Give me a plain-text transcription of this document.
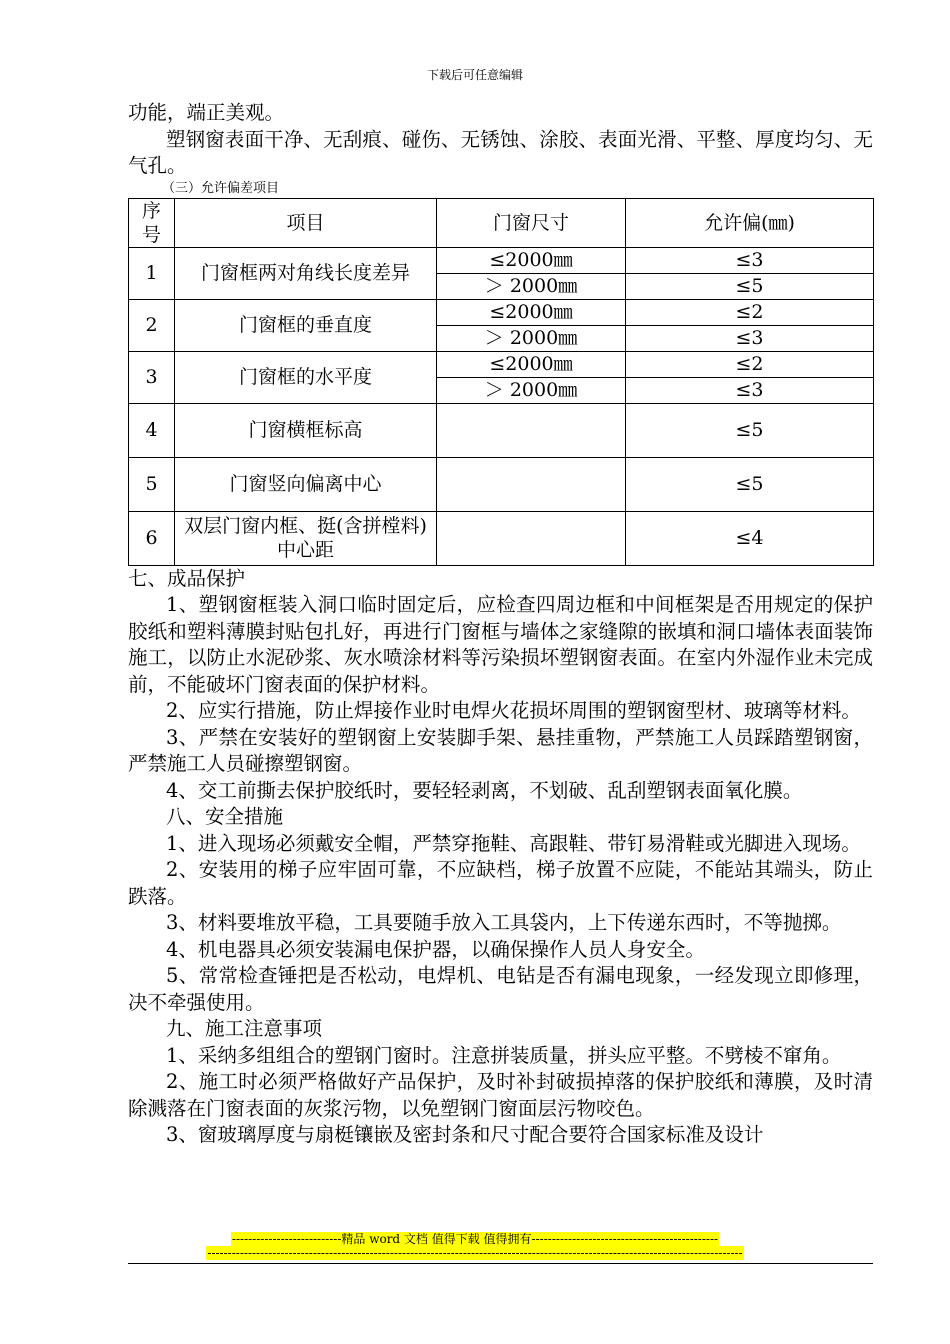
下载后可任意编辑

功能，端正美观。

塑钢窗表面干净、无刮痕、碰伤、无锈蚀、涂胶、表面光滑、平整、厚度均匀、无气孔。

（三）允许偏差项目

序号	项目	门窗尺寸	允许偏(㎜)
1	门窗框两对角线长度差异	≤2000㎜	≤3
		＞ 2000㎜	≤5
2	门窗框的垂直度	≤2000㎜	≤2
		＞ 2000㎜	≤3
3	门窗框的水平度	≤2000㎜	≤2
		＞ 2000㎜	≤3
4	门窗横框标高		≤5
5	门窗竖向偏离中心		≤5
6	双层门窗内框、挺(含拼樘料)中心距		≤4

七、成品保护

1、塑钢窗框装入洞口临时固定后，应检查四周边框和中间框架是否用规定的保护胶纸和塑料薄膜封贴包扎好，再进行门窗框与墙体之家缝隙的嵌填和洞口墙体表面装饰施工，以防止水泥砂浆、灰水喷涂材料等污染损坏塑钢窗表面。在室内外湿作业未完成前，不能破坏门窗表面的保护材料。

2、应实行措施，防止焊接作业时电焊火花损坏周围的塑钢窗型材、玻璃等材料。

3、严禁在安装好的塑钢窗上安装脚手架、悬挂重物，严禁施工人员踩踏塑钢窗，严禁施工人员碰擦塑钢窗。

4、交工前撕去保护胶纸时，要轻轻剥离，不划破、乱刮塑钢表面氧化膜。

八、安全措施

1、进入现场必须戴安全帽，严禁穿拖鞋、高跟鞋、带钉易滑鞋或光脚进入现场。

2、安装用的梯子应牢固可靠，不应缺档，梯子放置不应陡，不能站其端头，防止跌落。

3、材料要堆放平稳，工具要随手放入工具袋内，上下传递东西时，不等抛掷。

4、机电器具必须安装漏电保护器，以确保操作人员人身安全。

5、常常检查锤把是否松动，电焊机、电钻是否有漏电现象，一经发现立即修理，决不牵强使用。

九、施工注意事项

1、采纳多组组合的塑钢门窗时。注意拼装质量，拼头应平整。不劈棱不窜角。

2、施工时必须严格做好产品保护，及时补封破损掉落的保护胶纸和薄膜，及时清除溅落在门窗表面的灰浆污物，以免塑钢门窗面层污物咬色。

3、窗玻璃厚度与扇梃镶嵌及密封条和尺寸配合要符合国家标准及设计

---------------------------精品 word 文档 值得下载 值得拥有----------------------------------------------
------------------------------------------------------------------------------------------------------------------------------------
